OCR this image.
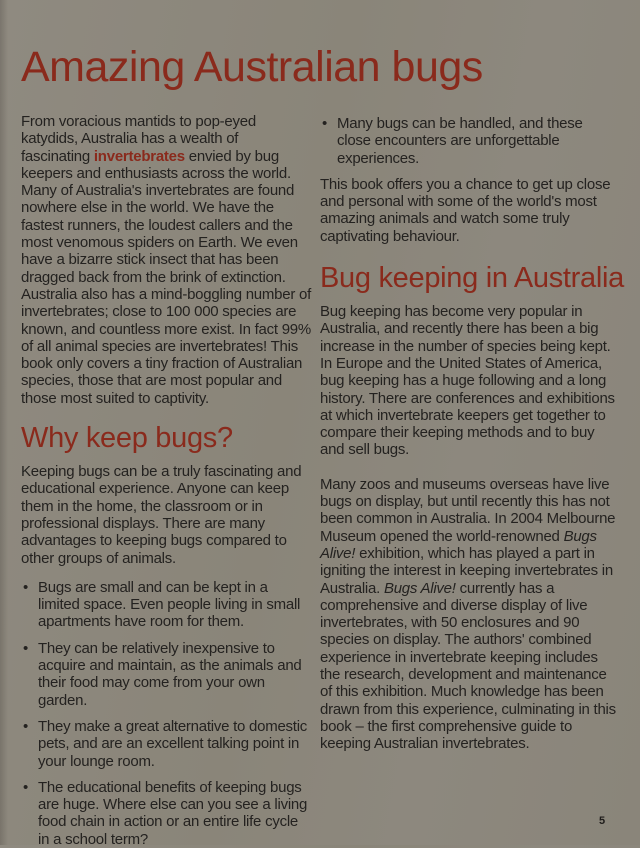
Amazing Australian bugs

From voracious mantids to pop-eyed katydids, Australia has a wealth of fascinating invertebrates envied by bug keepers and enthusiasts across the world. Many of Australia's invertebrates are found nowhere else in the world. We have the fastest runners, the loudest callers and the most venomous spiders on Earth. We even have a bizarre stick insect that has been dragged back from the brink of extinction. Australia also has a mind-boggling number of invertebrates; close to 100 000 species are known, and countless more exist. In fact 99% of all animal species are invertebrates! This book only covers a tiny fraction of Australian species, those that are most popular and those most suited to captivity.

Why keep bugs?

Keeping bugs can be a truly fascinating and educational experience. Anyone can keep them in the home, the classroom or in professional displays. There are many advantages to keeping bugs compared to other groups of animals.

• Bugs are small and can be kept in a limited space. Even people living in small apartments have room for them.
• They can be relatively inexpensive to acquire and maintain, as the animals and their food may come from your own garden.
• They make a great alternative to domestic pets, and are an excellent talking point in your lounge room.
• The educational benefits of keeping bugs are huge. Where else can you see a living food chain in action or an entire life cycle in a school term?
• Many bugs can be handled, and these close encounters are unforgettable experiences.

This book offers you a chance to get up close and personal with some of the world's most amazing animals and watch some truly captivating behaviour.

Bug keeping in Australia

Bug keeping has become very popular in Australia, and recently there has been a big increase in the number of species being kept. In Europe and the United States of America, bug keeping has a huge following and a long history. There are conferences and exhibitions at which invertebrate keepers get together to compare their keeping methods and to buy and sell bugs.

Many zoos and museums overseas have live bugs on display, but until recently this has not been common in Australia. In 2004 Melbourne Museum opened the world-renowned Bugs Alive! exhibition, which has played a part in igniting the interest in keeping invertebrates in Australia. Bugs Alive! currently has a comprehensive and diverse display of live invertebrates, with 50 enclosures and 90 species on display. The authors' combined experience in invertebrate keeping includes the research, development and maintenance of this exhibition. Much knowledge has been drawn from this experience, culminating in this book – the first comprehensive guide to keeping Australian invertebrates.

5
